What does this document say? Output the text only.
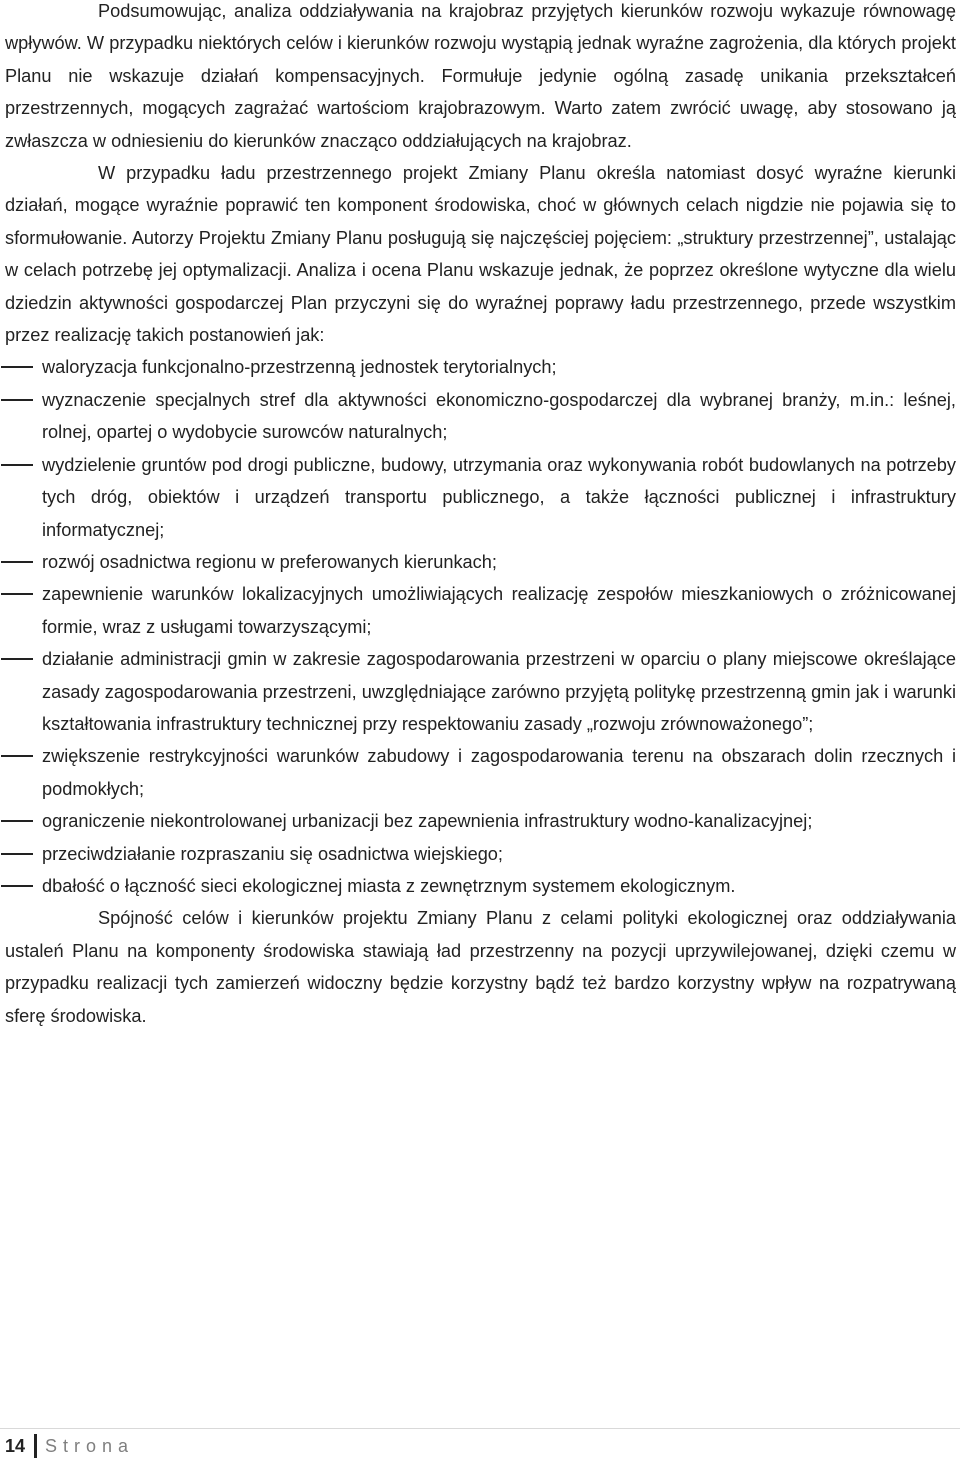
Podsumowując, analiza oddziaływania na krajobraz przyjętych kierunków rozwoju wykazuje równowagę wpływów. W przypadku niektórych celów i kierunków rozwoju wystąpią jednak wyraźne zagrożenia, dla których projekt Planu nie wskazuje działań kompensacyjnych. Formułuje jedynie ogólną zasadę unikania przekształceń przestrzennych, mogących zagrażać wartościom krajobrazowym. Warto zatem zwrócić uwagę, aby stosowano ją zwłaszcza w odniesieniu do kierunków znacząco oddziałujących na krajobraz.

W przypadku ładu przestrzennego projekt Zmiany Planu określa natomiast dosyć wyraźne kierunki działań, mogące wyraźnie poprawić ten komponent środowiska, choć w głównych celach nigdzie nie pojawia się to sformułowanie. Autorzy Projektu Zmiany Planu posługują się najczęściej pojęciem: „struktury przestrzennej”, ustalając w celach potrzebę jej optymalizacji. Analiza i ocena Planu wskazuje jednak, że poprzez określone wytyczne dla wielu dziedzin aktywności gospodarczej Plan przyczyni się do wyraźnej poprawy ładu przestrzennego, przede wszystkim przez realizację takich postanowień jak:

waloryzacja funkcjonalno-przestrzenną jednostek terytorialnych;
wyznaczenie specjalnych stref dla aktywności ekonomiczno-gospodarczej dla wybranej branży, m.in.: leśnej, rolnej, opartej o wydobycie surowców naturalnych;
wydzielenie gruntów pod drogi publiczne, budowy, utrzymania oraz wykonywania robót budowlanych na potrzeby tych dróg, obiektów i urządzeń transportu publicznego, a także łączności publicznej i infrastruktury informatycznej;
rozwój osadnictwa regionu w preferowanych kierunkach;
zapewnienie warunków lokalizacyjnych umożliwiających realizację zespołów mieszkaniowych o zróżnicowanej formie, wraz z usługami towarzyszącymi;
działanie administracji gmin w zakresie zagospodarowania przestrzeni w oparciu o plany miejscowe określające zasady zagospodarowania przestrzeni, uwzględniające zarówno przyjętą politykę przestrzenną gmin jak i warunki kształtowania infrastruktury technicznej przy respektowaniu zasady „rozwoju zrównoważonego”;
zwiększenie restrykcyjności warunków zabudowy i zagospodarowania terenu na obszarach dolin rzecznych i podmokłych;
ograniczenie niekontrolowanej urbanizacji bez zapewnienia infrastruktury wodno-kanalizacyjnej;
przeciwdziałanie rozpraszaniu się osadnictwa wiejskiego;
dbałość o łączność sieci ekologicznej miasta z zewnętrznym systemem ekologicznym.

Spójność celów i kierunków projektu Zmiany Planu z celami polityki ekologicznej oraz oddziaływania ustaleń Planu na komponenty środowiska stawiają ład przestrzenny na pozycji uprzywilejowanej, dzięki czemu w przypadku realizacji tych zamierzeń widoczny będzie korzystny bądź też bardzo korzystny wpływ na rozpatrywaną sferę środowiska.

14 Strona
